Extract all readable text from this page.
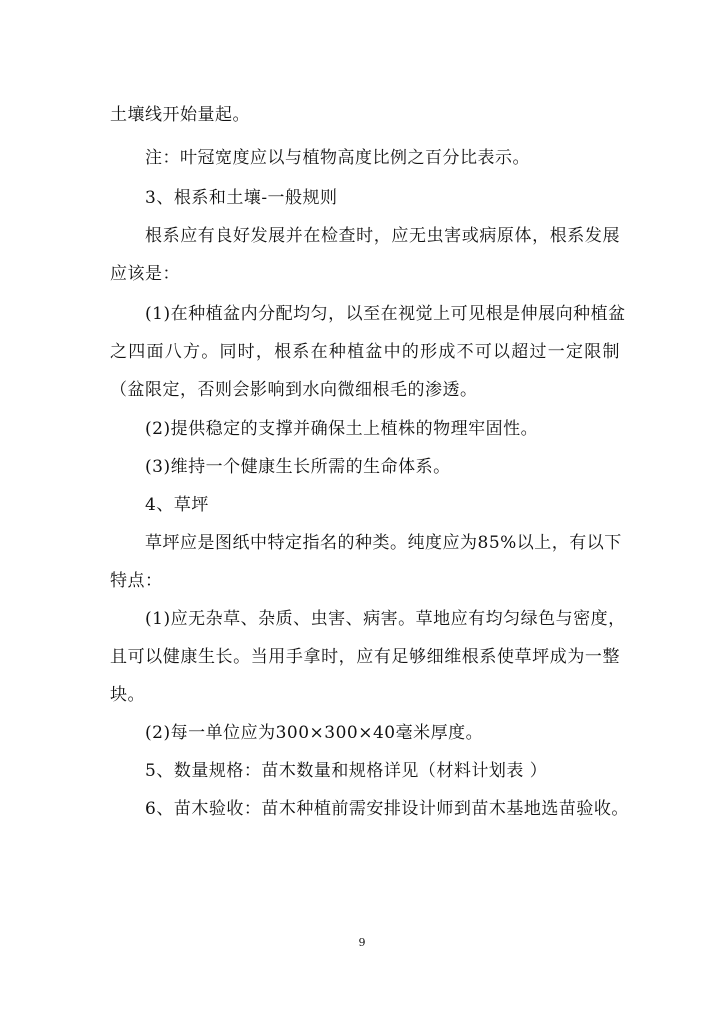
土壤线开始量起。
注：叶冠宽度应以与植物高度比例之百分比表示。
3、根系和土壤-一般规则
根系应有良好发展并在检查时，应无虫害或病原体，根系发展
应该是：
(1)在种植盆内分配均匀，以至在视觉上可见根是伸展向种植盆
之四面八方。同时，根系在种植盆中的形成不可以超过一定限制
（盆限定，否则会影响到水向微细根毛的渗透。
(2)提供稳定的支撑并确保土上植株的物理牢固性。
(3)维持一个健康生长所需的生命体系。
4、草坪
草坪应是图纸中特定指名的种类。纯度应为85%以上，有以下
特点：
(1)应无杂草、杂质、虫害、病害。草地应有均匀绿色与密度，
且可以健康生长。当用手拿时，应有足够细维根系使草坪成为一整
块。
(2)每一单位应为300×300×40毫米厚度。
5、数量规格：苗木数量和规格详见（材料计划表 ）
6、苗木验收：苗木种植前需安排设计师到苗木基地选苗验收。
9
